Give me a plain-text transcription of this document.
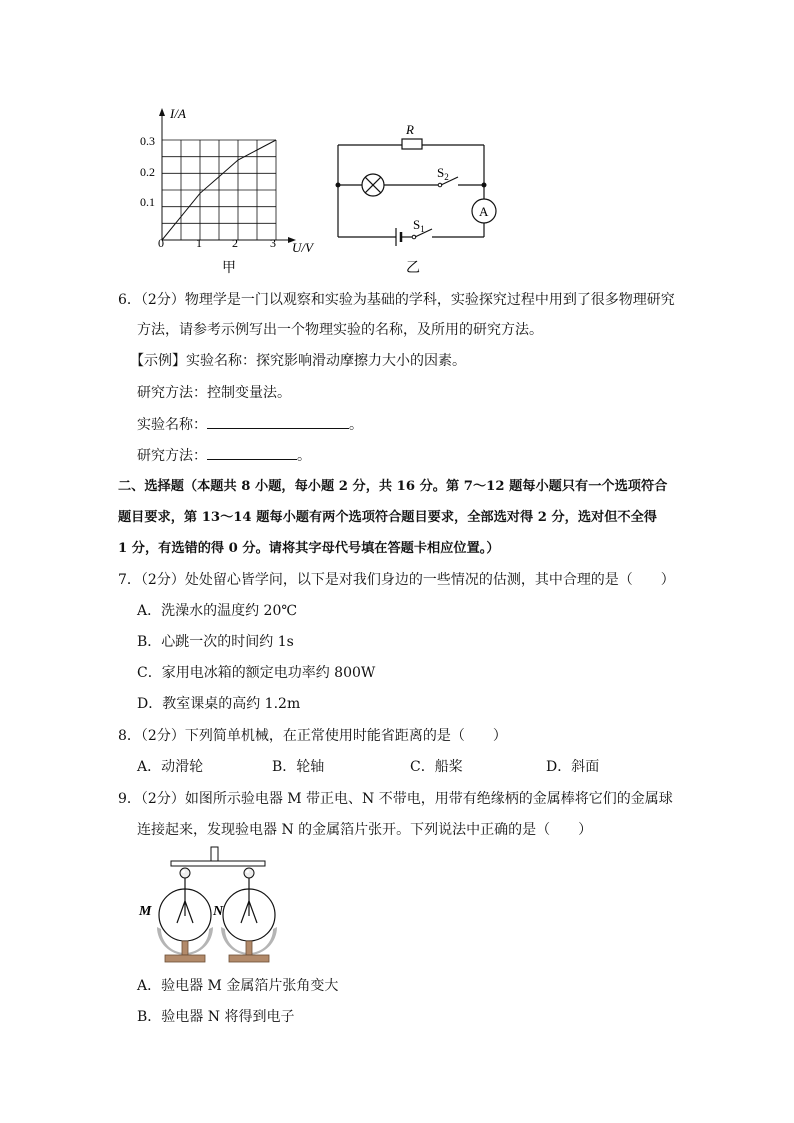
I/A
U/V
0.3
0.2
0.1
0	1	2	3
甲
R
A
$S_2$
$S_1$
乙
6．（2分）物理学是一门以观察和实验为基础的学科，实验探究过程中用到了很多物理研究
方法，请参考示例写出一个物理实验的名称，及所用的研究方法。
【示例】实验名称：探究影响滑动摩擦力大小的因素。
研究方法：控制变量法。
实验名称：	。
研究方法：	。
二、选择题（本题共 8 小题，每小题 2 分，共 16 分。第 7～12 题每小题只有一个选项符合
题目要求，第 13～14 题每小题有两个选项符合题目要求，全部选对得 2 分，选对但不全得
1 分，有选错的得 0 分。请将其字母代号填在答题卡相应位置。）
7．（2分）处处留心皆学问，以下是对我们身边的一些情况的估测，其中合理的是（　　）
A．洗澡水的温度约 20℃
B．心跳一次的时间约 1s
C．家用电冰箱的额定电功率约 800W
D．教室课桌的高约 1.2m
8．（2分）下列简单机械，在正常使用时能省距离的是（　　）
A．动滑轮	B．轮轴	C．船桨	D．斜面
9．（2分）如图所示验电器 M 带正电、N 不带电，用带有绝缘柄的金属棒将它们的金属球
连接起来，发现验电器 N 的金属箔片张开。下列说法中正确的是（　　）
M	N
A．验电器 M 金属箔片张角变大
B．验电器 N 将得到电子
